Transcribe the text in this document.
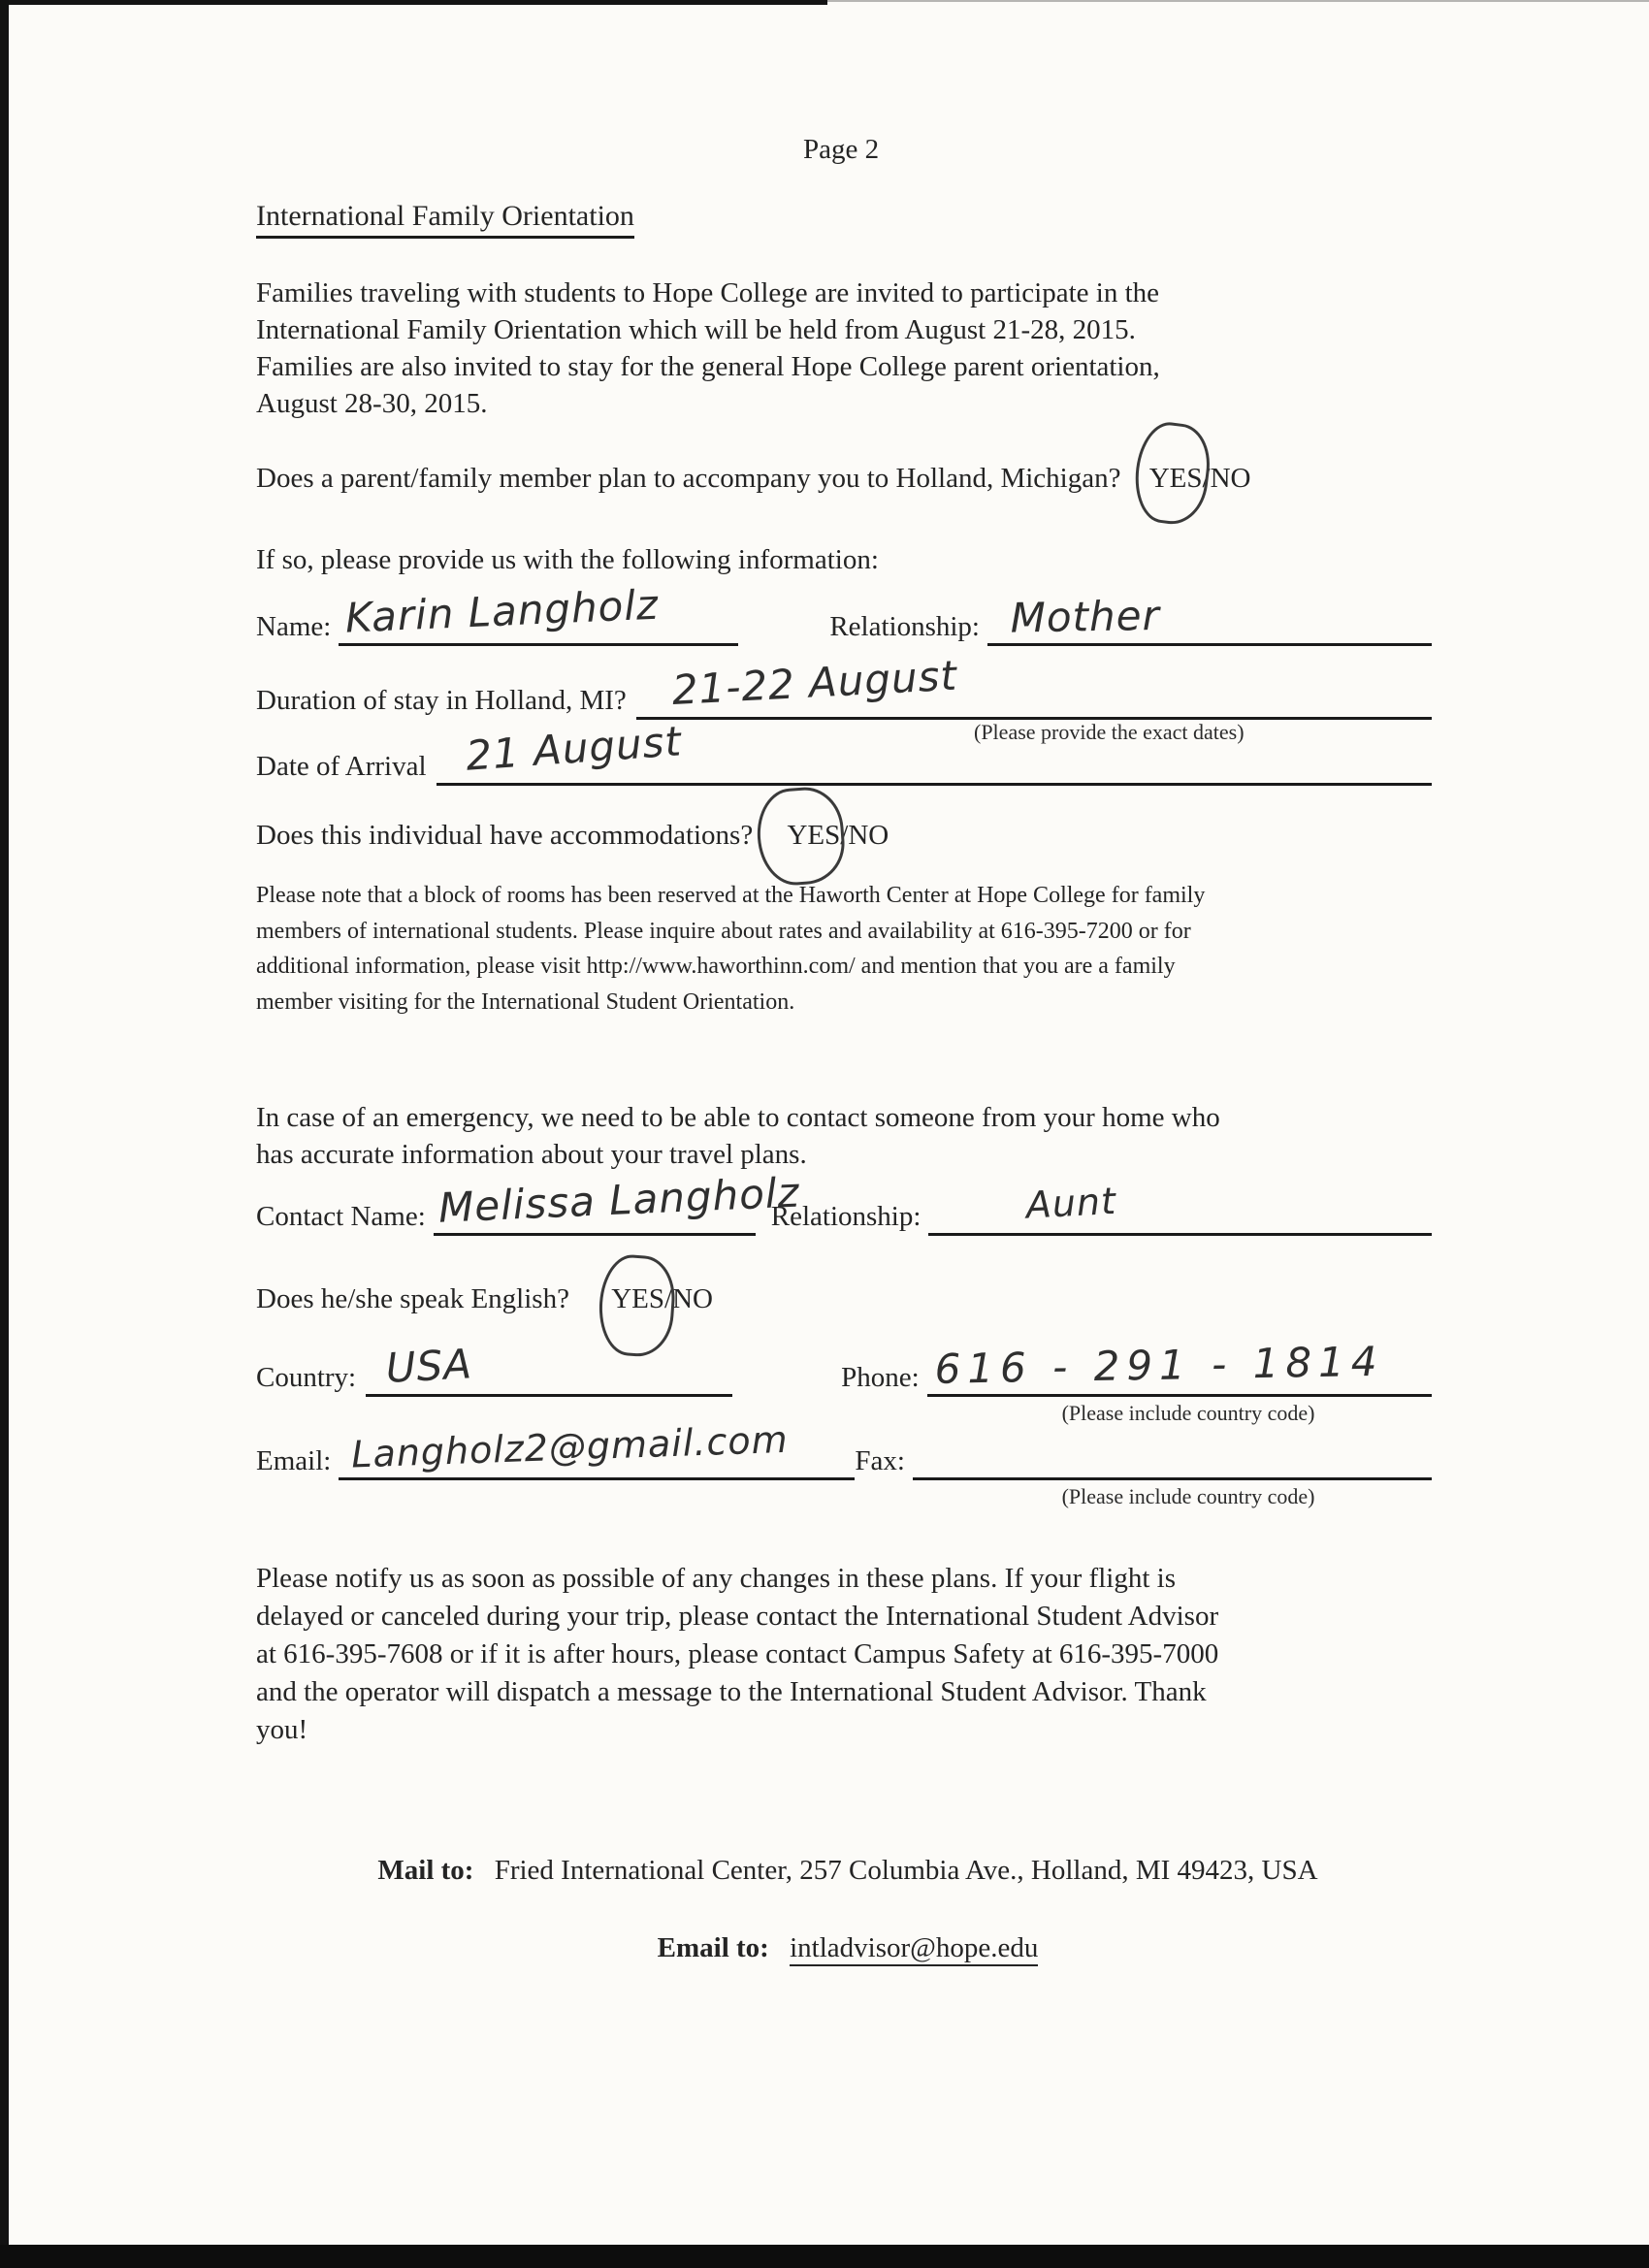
Page 2
International Family Orientation
Families traveling with students to Hope College are invited to participate in the
International Family Orientation which will be held from August 21-28, 2015.
Families are also invited to stay for the general Hope College parent orientation,
August 28-30, 2015.
Does a parent/family member plan to accompany you to Holland, Michigan? YES/NO
If so, please provide us with the following information:
Name: Karin Langholz	Relationship: Mother
Duration of stay in Holland, MI?	21-22 August
(Please provide the exact dates)
Date of Arrival 21 August
Does this individual have accommodations? YES/NO
Please note that a block of rooms has been reserved at the Haworth Center at Hope College for family
members of international students. Please inquire about rates and availability at 616-395-7200 or for
additional information, please visit http://www.haworthinn.com/ and mention that you are a family
member visiting for the International Student Orientation.
In case of an emergency, we need to be able to contact someone from your home who
has accurate information about your travel plans.
Contact Name: Melissa Langholz
Relationship:	Aunt
Does he/she speak English? YES/NO
Country: USA	Phone: 616 - 291 - 1814
(Please include country code)
Email: Langholz2@gmail.com Fax:
(Please include country code)
Please notify us as soon as possible of any changes in these plans. If your flight is
delayed or canceled during your trip, please contact the International Student Advisor
at 616-395-7608 or if it is after hours, please contact Campus Safety at 616-395-7000
and the operator will dispatch a message to the International Student Advisor. Thank
you!
Mail to: Fried International Center, 257 Columbia Ave., Holland, MI 49423, USA
Email to: intladvisor@hope.edu
